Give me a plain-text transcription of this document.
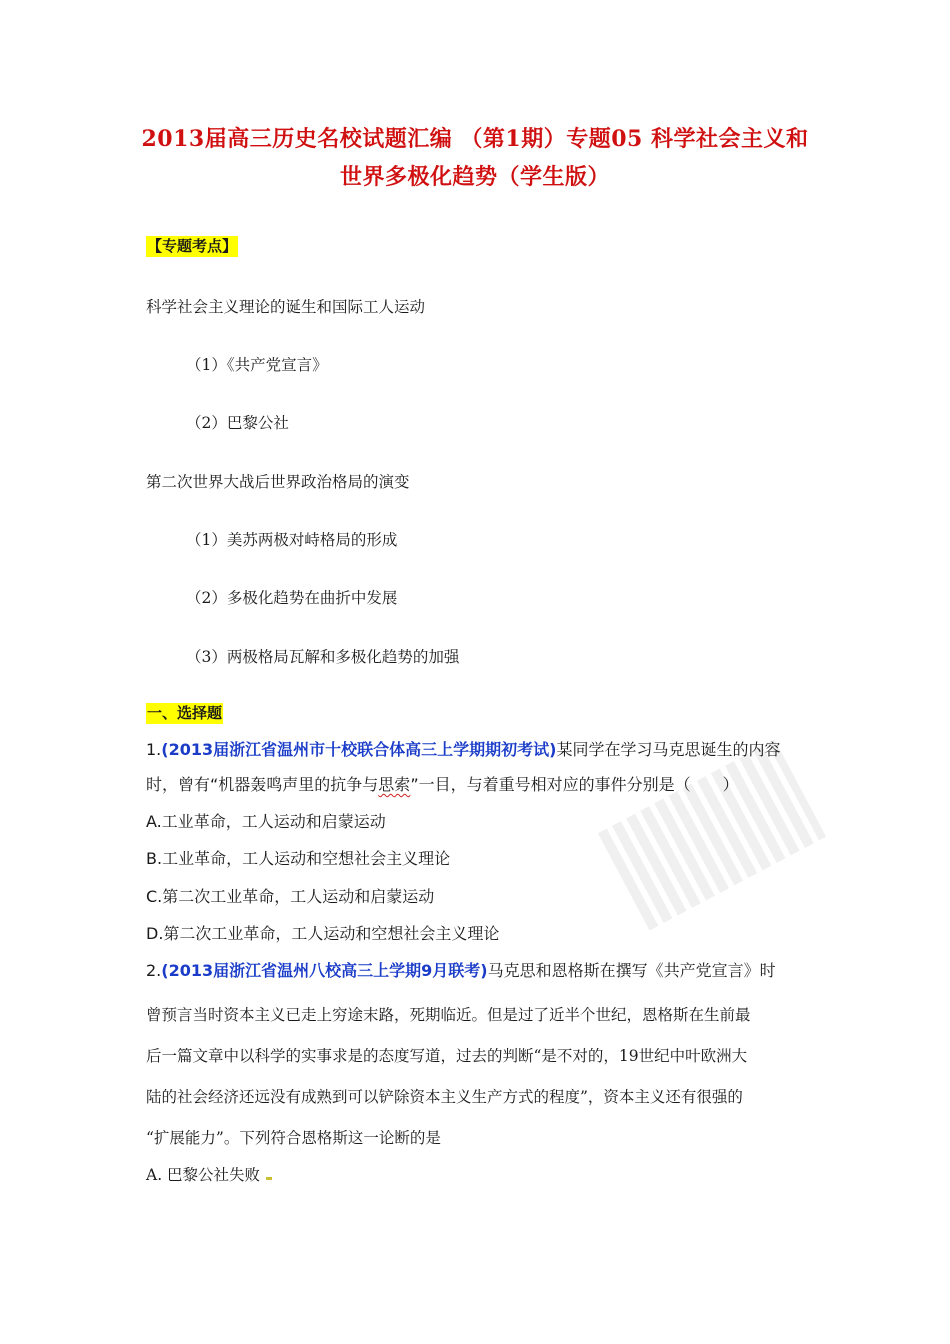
2013届高三历史名校试题汇编 （第1期）专题05 科学社会主义和
世界多极化趋势（学生版）
【专题考点】
科学社会主义理论的诞生和国际工人运动
（1）《共产党宣言》
（2）巴黎公社
第二次世界大战后世界政治格局的演变
（1）美苏两极对峙格局的形成
（2）多极化趋势在曲折中发展
（3）两极格局瓦解和多极化趋势的加强
一、选择题
1.(2013届浙江省温州市十校联合体高三上学期期初考试)某同学在学习马克思诞生的内容
时，曾有“机器轰鸣声里的抗争与思索”一目，与着重号相对应的事件分别是（　　）
A.工业革命，工人运动和启蒙运动
B.工业革命，工人运动和空想社会主义理论
C.第二次工业革命，工人运动和启蒙运动
D.第二次工业革命，工人运动和空想社会主义理论
2.(2013届浙江省温州八校高三上学期9月联考)马克思和恩格斯在撰写《共产党宣言》时
曾预言当时资本主义已走上穷途末路，死期临近。但是过了近半个世纪，恩格斯在生前最
后一篇文章中以科学的实事求是的态度写道，过去的判断“是不对的，19世纪中叶欧洲大
陆的社会经济还远没有成熟到可以铲除资本主义生产方式的程度”，资本主义还有很强的
“扩展能力”。下列符合恩格斯这一论断的是
A. 巴黎公社失败
